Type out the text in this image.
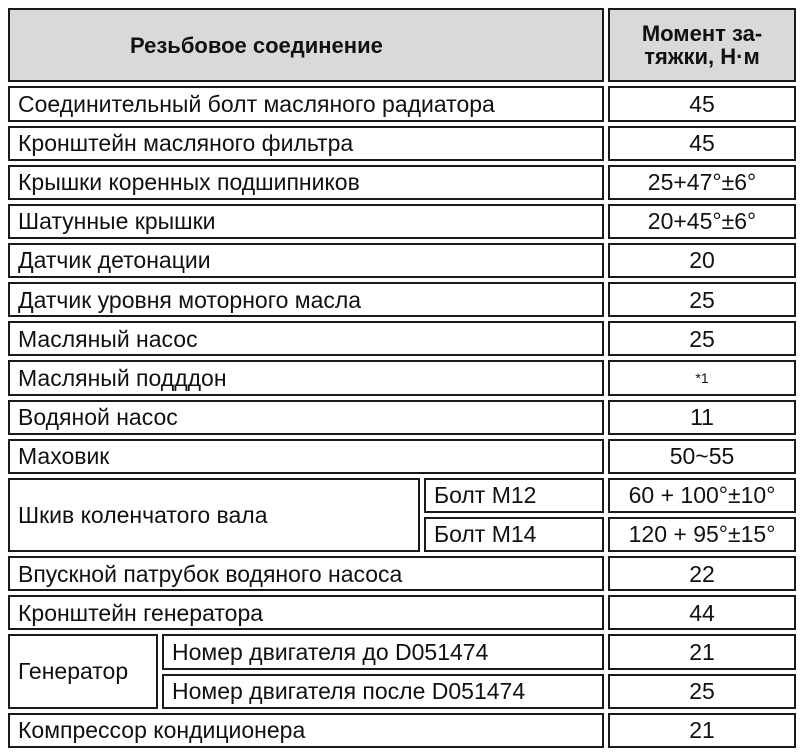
Резьбовое соединение			Момент за-
тяжки, Н·м
Соединительный болт масляного радиатора			45
Кронштейн масляного фильтра			45
Крышки коренных подшипников			25+47°±6°
Шатунные крышки			20+45°±6°
Датчик детонации			20
Датчик уровня моторного масла			25
Масляный насос			25
Масляный подддон			*1
Водяной насос			11
Маховик			50~55
Шкив коленчатого вала		Болт М12	60 + 100°±10°
		Болт М14	120 + 95°±15°
Впускной патрубок водяного насоса			22
Кронштейн генератора			44
Генератор	Номер двигателя до D051474		21
	Номер двигателя после D051474		25
Компрессор кондиционера			21
